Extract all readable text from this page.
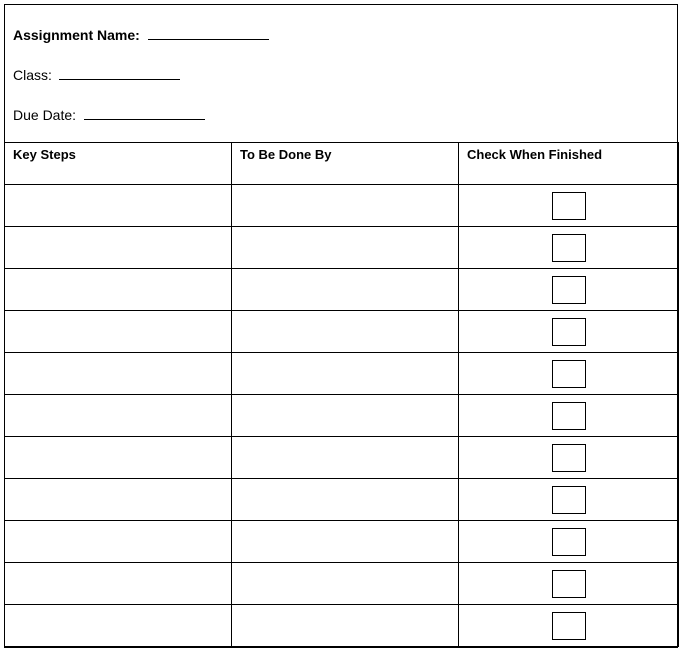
Assignment Name:
Class:
Due Date:
Key Steps	To Be Done By	Check When Finished
